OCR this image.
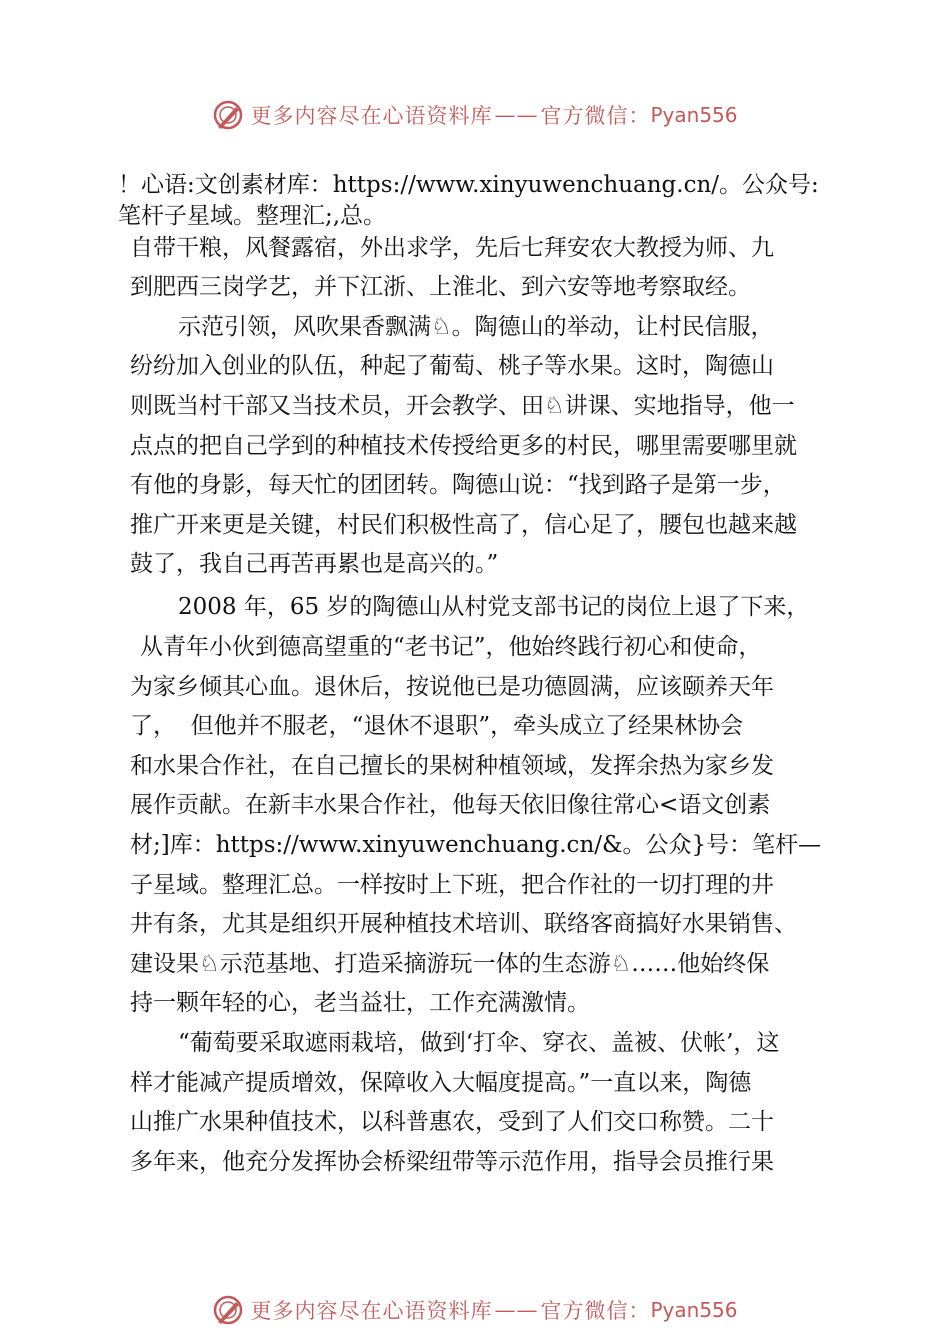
更多内容尽在心语资料库 —— 官方微信： Pyan556
！心语:文创素材库：https://www.xinyuwenchuang.cn/。公众号:
笔杆子星域。整理汇;,总。
自带干粮，风餐露宿，外出求学，先后七拜安农大教授为师、九
到肥西三岗学艺，并下江浙、上淮北、到六安等地考察取经。
示范引领，风吹果香飘满♘。陶德山的举动，让村民信服，
纷纷加入创业的队伍，种起了葡萄、桃子等水果。这时，陶德山
则既当村干部又当技术员，开会教学、田♘讲课、实地指导，他一
点点的把自己学到的种植技术传授给更多的村民，哪里需要哪里就
有他的身影，每天忙的团团转。陶德山说：“找到路子是第一步，
推广开来更是关键，村民们积极性高了，信心足了，腰包也越来越
鼓了，我自己再苦再累也是高兴的。”
2008 年，65 岁的陶德山从村党支部书记的岗位上退了下来，
从青年小伙到德高望重的“老书记”，他始终践行初心和使命，
为家乡倾其心血。退休后，按说他已是功德圆满，应该颐养天年
了，  但他并不服老，“退休不退职”，牵头成立了经果林协会
和水果合作社，在自己擅长的果树种植领域，发挥余热为家乡发
展作贡献。在新丰水果合作社，他每天依旧像往常心<语文创素
材;]库：https://www.xinyuwenchuang.cn/&。公众}号：笔杆—
子星域。整理汇总。一样按时上下班，把合作社的一切打理的井
井有条，尤其是组织开展种植技术培训、联络客商搞好水果销售、
建设果♘示范基地、打造采摘游玩一体的生态游♘……他始终保
持一颗年轻的心，老当益壮，工作充满激情。
“葡萄要采取遮雨栽培，做到‘打伞、穿衣、盖被、伏帐’，这
样才能减产提质增效，保障收入大幅度提高。”一直以来，陶德
山推广水果种值技术，以科普惠农，受到了人们交口称赞。二十
多年来，他充分发挥协会桥梁纽带等示范作用，指导会员推行果
更多内容尽在心语资料库 —— 官方微信： Pyan556
